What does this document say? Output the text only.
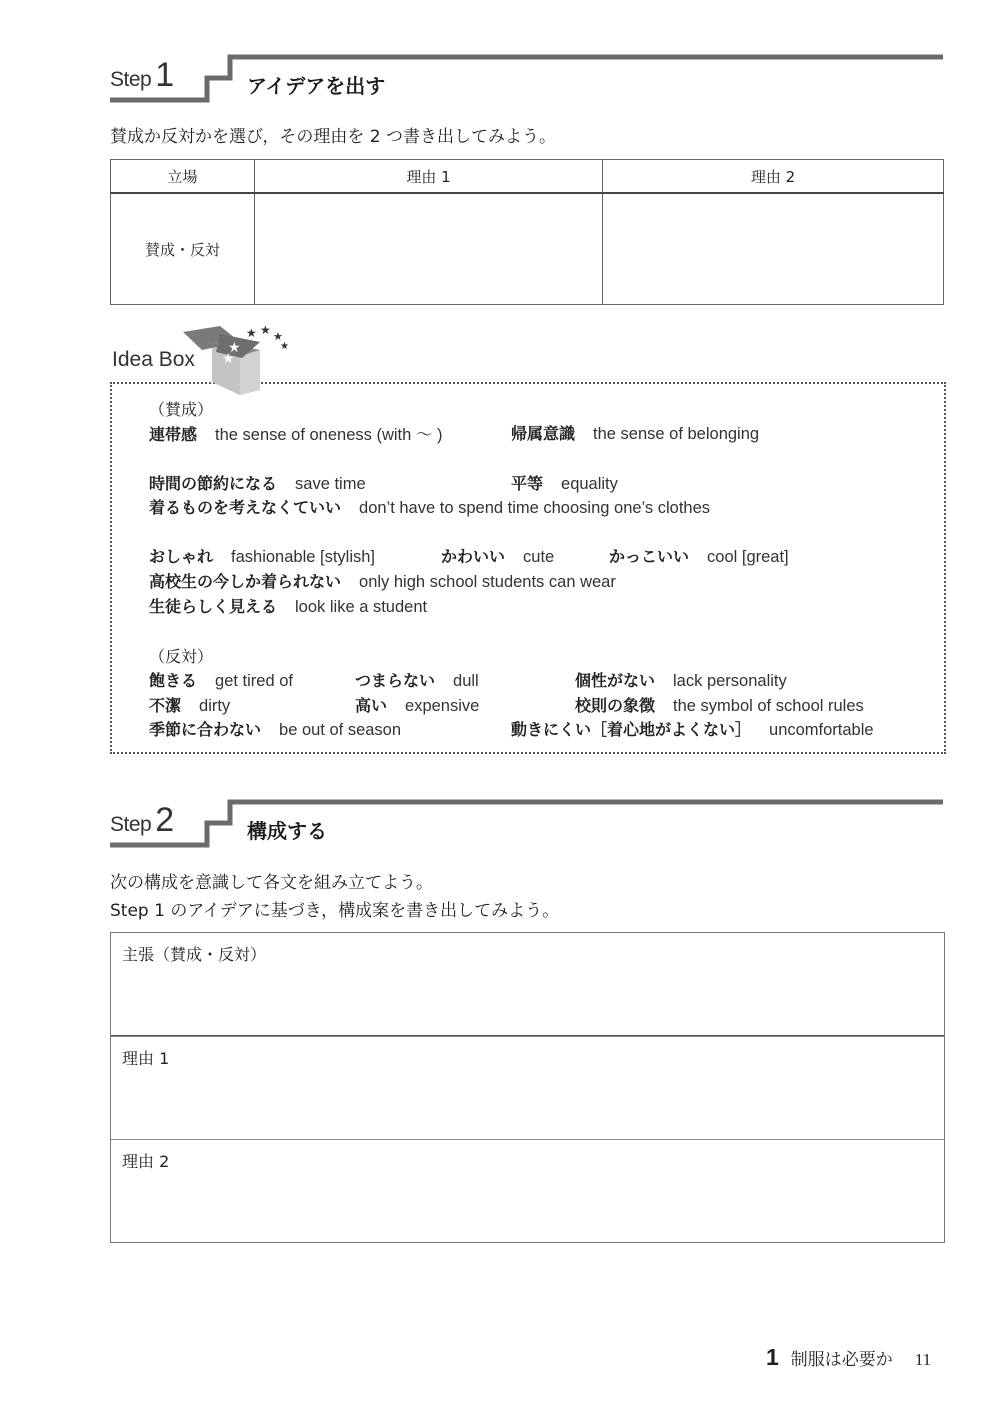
Step 1	アイデアを出す
賛成か反対かを選び，その理由を 2 つ書き出してみよう。
立場	理由 1	理由 2
賛成・反対		
Idea Box ★
★
★ ★ ★
★
（賛成）
連帯感 the sense of oneness (with ～ )	帰属意識 the sense of belonging
時間の節約になる save time	平等 equality
着るものを考えなくていい don’t have to spend time choosing one’s clothes
おしゃれ fashionable [stylish]	かわいい cute	かっこいい cool [great]
高校生の今しか着られない only high school students can wear
生徒らしく見える look like a student
（反対）
飽きる get tired of	つまらない dull	個性がない lack personality
不潔 dirty	高い expensive	校則の象徴 the symbol of school rules
季節に合わない be out of season	動きにくい［着心地がよくない］ uncomfortable
Step 2	構成する
次の構成を意識して各文を組み立てよう。
Step 1 のアイデアに基づき，構成案を書き出してみよう。
主張（賛成・反対）
理由 1
理由 2
1 制服は必要か 11
